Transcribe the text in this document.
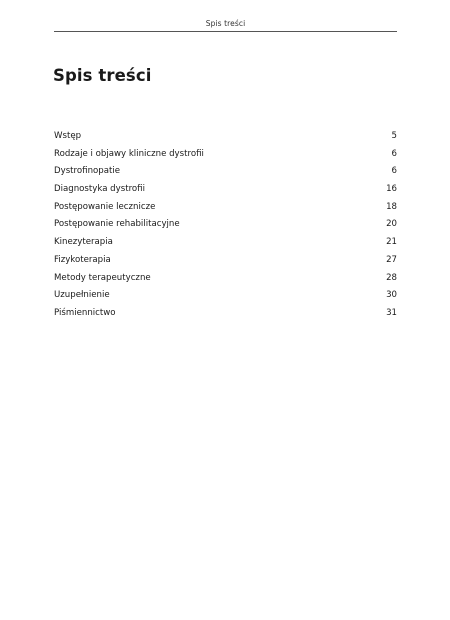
Spis treści
Spis treści
Wstęp	5
Rodzaje i objawy kliniczne dystrofii	6
Dystrofinopatie	6
Diagnostyka dystrofii	16
Postępowanie lecznicze	18
Postępowanie rehabilitacyjne	20
Kinezyterapia	21
Fizykoterapia	27
Metody terapeutyczne	28
Uzupełnienie	30
Piśmiennictwo	31
